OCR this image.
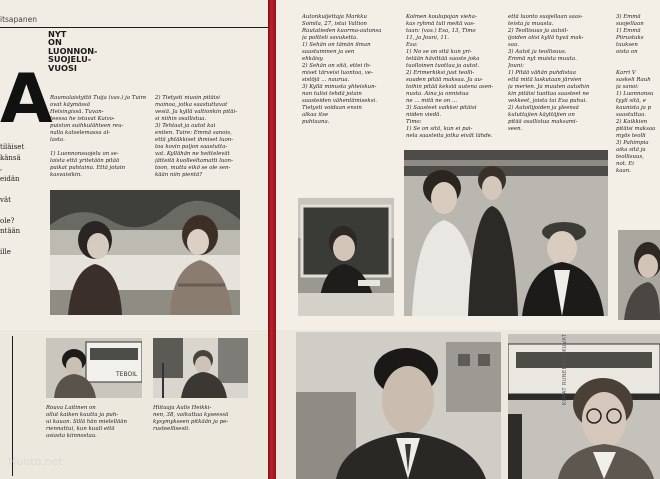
itsapanen
NYT
ON
LUONNON-
SUOJELU-
VUOSI
A

tiläiset
känsä
,
eidän

vät

ole?
ntään

ille

Raumalaistyttö Tuija (vas.) ja Tuire ovat käymässä
Helsingissä. Tuvan-
teessa he istuvat Kaivo-
puiston suihkulähteen reu-
nalla katselemassa al-
lasta.

1) Luonnonsuojelu on se-
laista että yritetään pitää
paikat puhtaina. Että jotain
kasvaisikin.

2) Tietysti niuoin pitäisi
mainoa, jotka saastuttavat
vesiä. Ja kyllä valtionkin pitäi-
si niihin osallistua.
3) Tehtaat ja autot kai
eniten. Tuire: Emmä sanois,
että yhtäkkiset ihmiset luon-
toa kovin paljon saastutta-
vat. Kyllähän ne heittelevät
jätteitä kuolleeltamatti luon-
toon, mutta eikö se ole sen-
kään niin pientä?

TEBOIL

Rouva Laitinen on
ollut kaiken kuutta ja puh-
ui kauan. Sillä hän mielellään
riennattui, kun kuuli että
asiasta kiinnostaa.

Hiitaaja Aulis Heikki-
nen, 38, vaikuttaa kyseessä
kysymykseen pitkään ja pe-
rusteellisesti.

Huuto.net

Autonkuljettaja Markku
Soinila, 27, istui Valtion
Rautatieden kuorma-autonsa
ja poltteli savuketta.
1) Sehän on tämän ilman
saastuminen ja sen
ehkäisy.
2) Sehän on sitä, ettei ih-
miset tärveisi luontoa, ve-
sistöjä ... naurua.
3) Kyllä minusta yhteiskun-
nan tulisi tehdä jotain
saasteiden vähentämiseksi.
Tietysti voidaan ensin
alkaa itse
puhtaana.

Kolmen koulupojan vieha-
kas ryhmä tuli meitä vas-
taan: (vas.) Esa, 13, Timo
11, ja Jouni, 11.
Esa:
1) No se on sitä kun yri-
tetään hävittää saaste joka
tuolloinen tuottaa ja autot.
2) Erimerkiksi just teolli-
suuden pitää maksaa. Ja au-
toihin pitää keksiä uutena asen-
nusta. Aina ja onnistua
ne ... mitä ne on ...
3) Saasteet vaikkei pitäisi
niiden viedä.
Timo:
1) Se on sitä, kun ei pai-
nela saasteita jotka eivät lähde.

että luonto suojellaan saas-
teista ja muusta.
2) Teollisuus ja autoil-
ijoiden olisi kyllä hyvä mak-
saa.
3) Autot ja teollisuus.
Emmä nyt muista muuta.
Jouni:
1) Pitää vähän puhdistaa
että mitä laskutaan järvien
ja merien. Ja muuten autoihin
kin pitäisi tuottaa saasteet ne
vekkeet, joista tai Esa puhui.
2) Autoilijoiden ja yleensä
kuluttajien käyttäjien on
pitää osallistua maksami-
seen.

3) Emmä
suojellaan
1) Emmä
Piirustuks
tuuksen
oista on

Karri V
saskeli Rauh
ja sanoi:
1) Luonnonsu
tyyli sitä, e
kaunista ja p
saastuttaa.
2) Kaikkien
pitäisi maksaa
myös teolli
3) Pahimpia
aika sitä ja
teollisuus,
not. Ei
kaan.

KUVAT RUNEBERG/KUVAT
